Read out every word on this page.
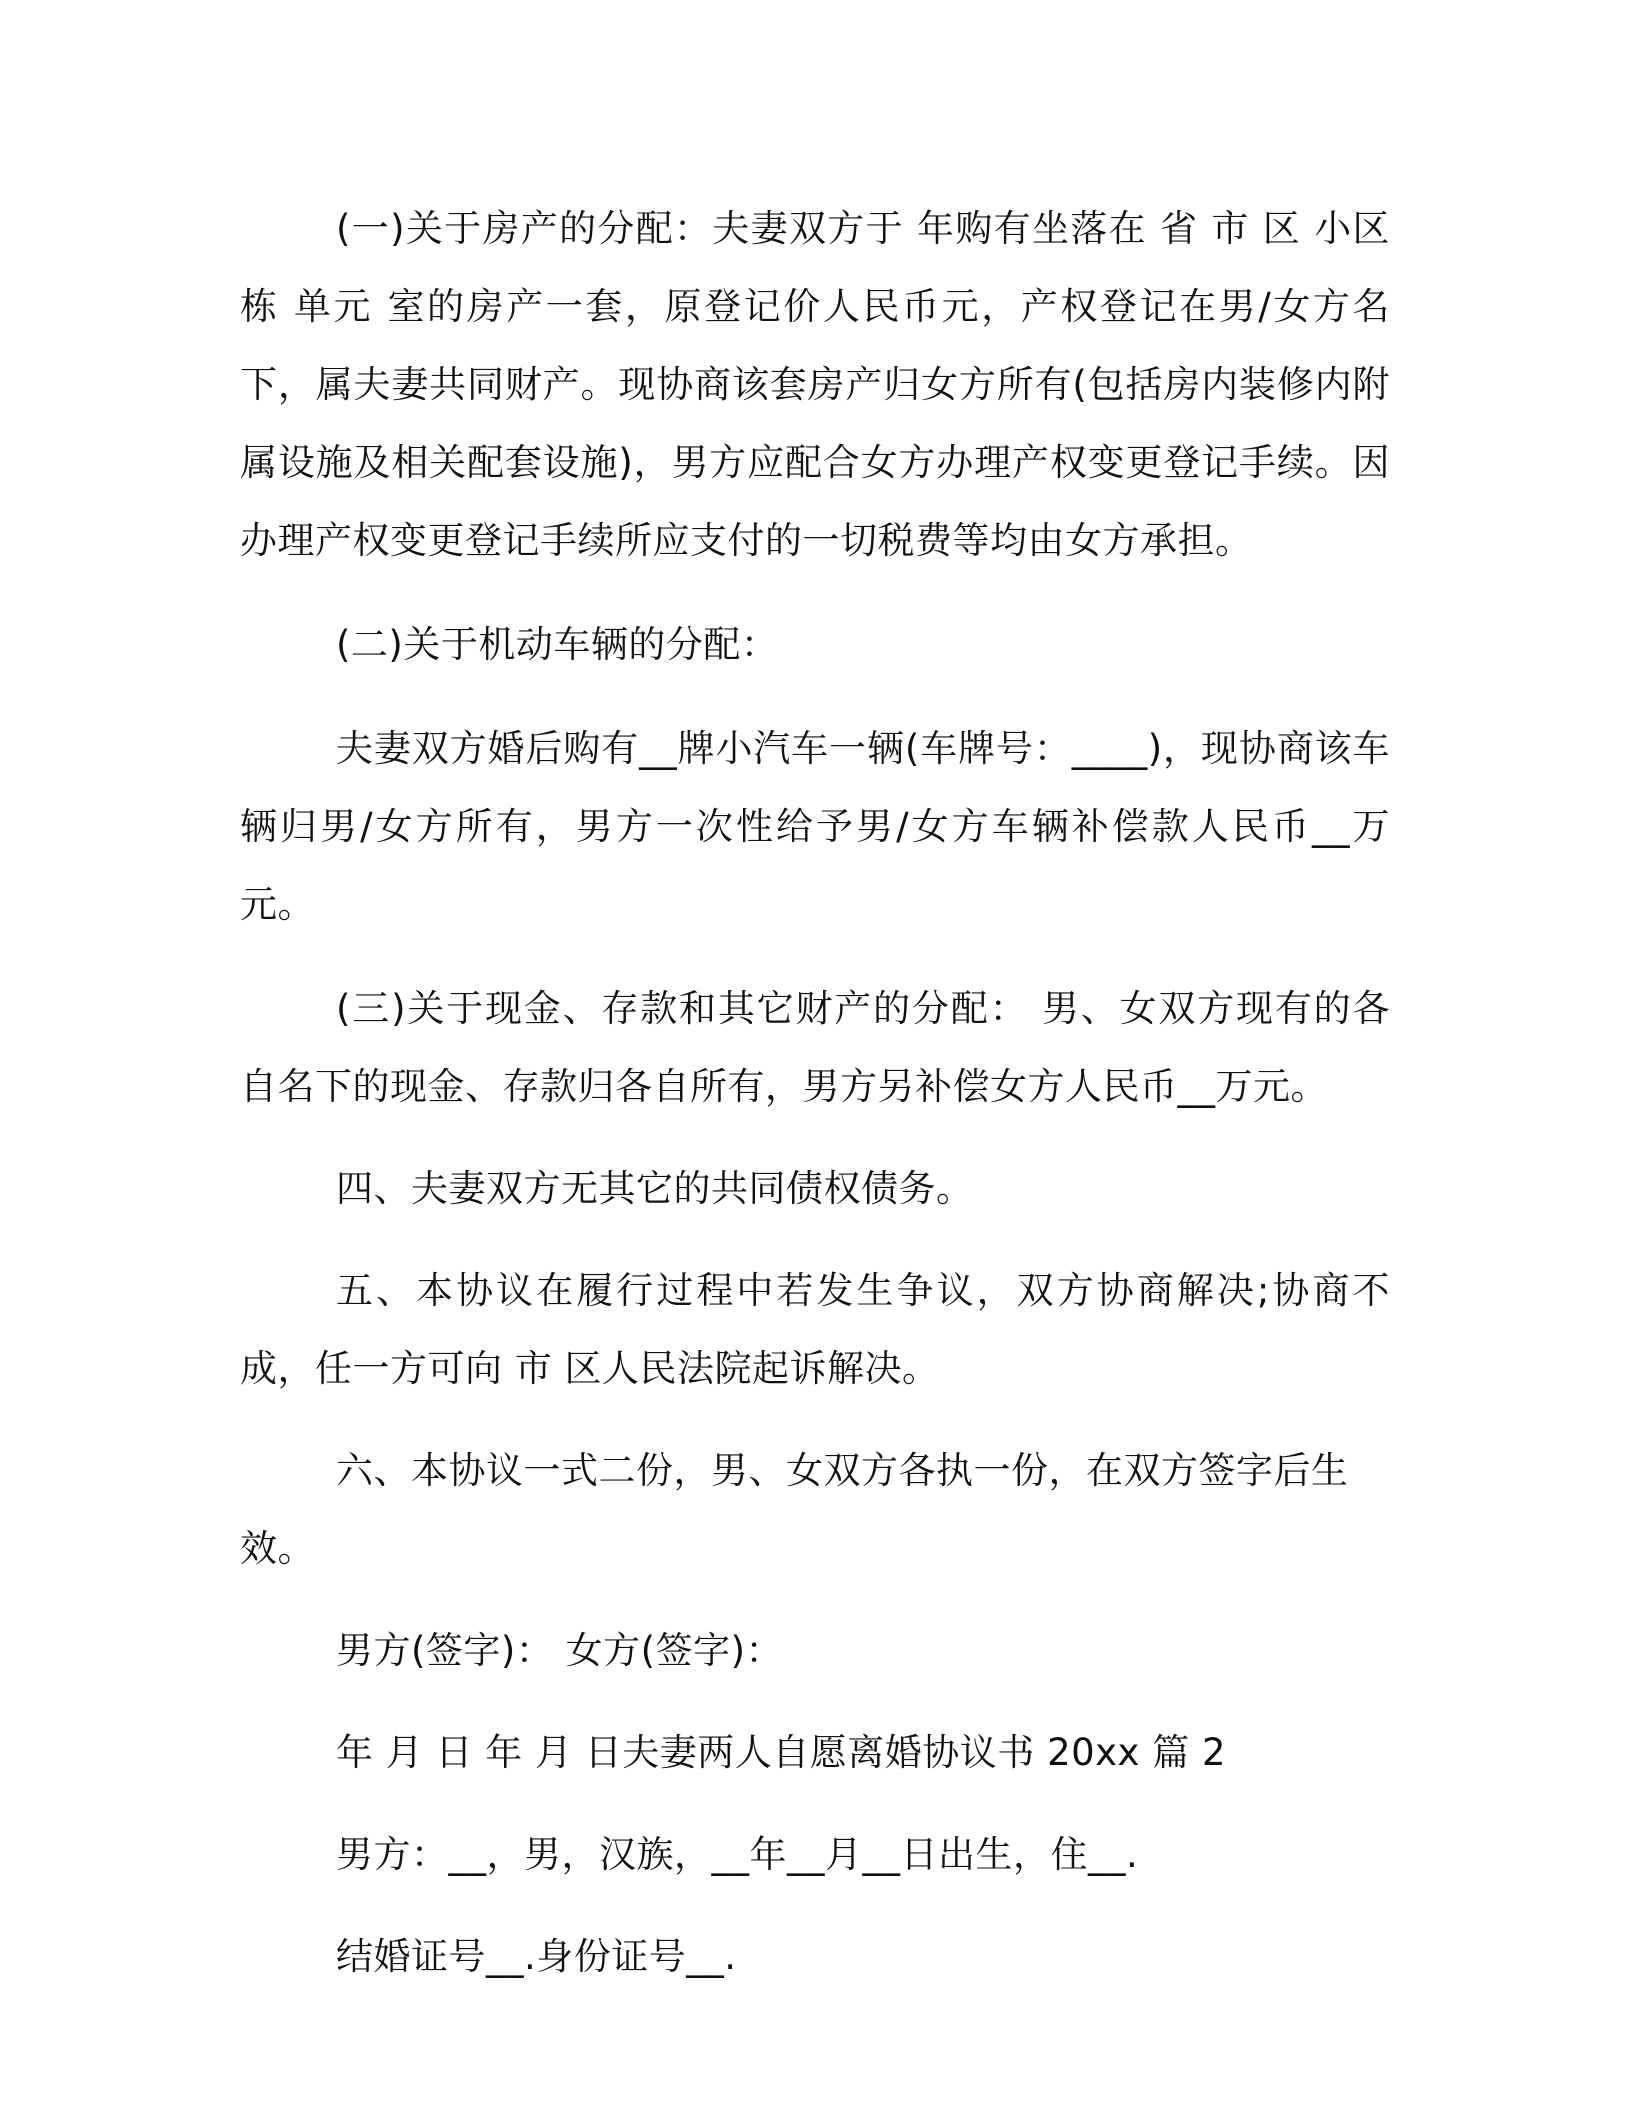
(一)关于房产的分配：夫妻双方于 年购有坐落在 省 市 区 小区 栋 单元 室的房产一套，原登记价人民币元，产权登记在男/女方名下，属夫妻共同财产。现协商该套房产归女方所有(包括房内装修内附属设施及相关配套设施)，男方应配合女方办理产权变更登记手续。因办理产权变更登记手续所应支付的一切税费等均由女方承担。

(二)关于机动车辆的分配：

夫妻双方婚后购有__牌小汽车一辆(车牌号：____)，现协商该车辆归男/女方所有，男方一次性给予男/女方车辆补偿款人民币__万元。

(三)关于现金、存款和其它财产的分配： 男、女双方现有的各自名下的现金、存款归各自所有，男方另补偿女方人民币__万元。

四、夫妻双方无其它的共同债权债务。

五、本协议在履行过程中若发生争议，双方协商解决;协商不成，任一方可向 市 区人民法院起诉解决。

六、本协议一式二份，男、女双方各执一份，在双方签字后生效。

男方(签字)： 女方(签字)：

年 月 日 年 月 日夫妻两人自愿离婚协议书 20xx 篇 2

男方：__，男，汉族，__年__月__日出生，住__.

结婚证号__.身份证号__.
